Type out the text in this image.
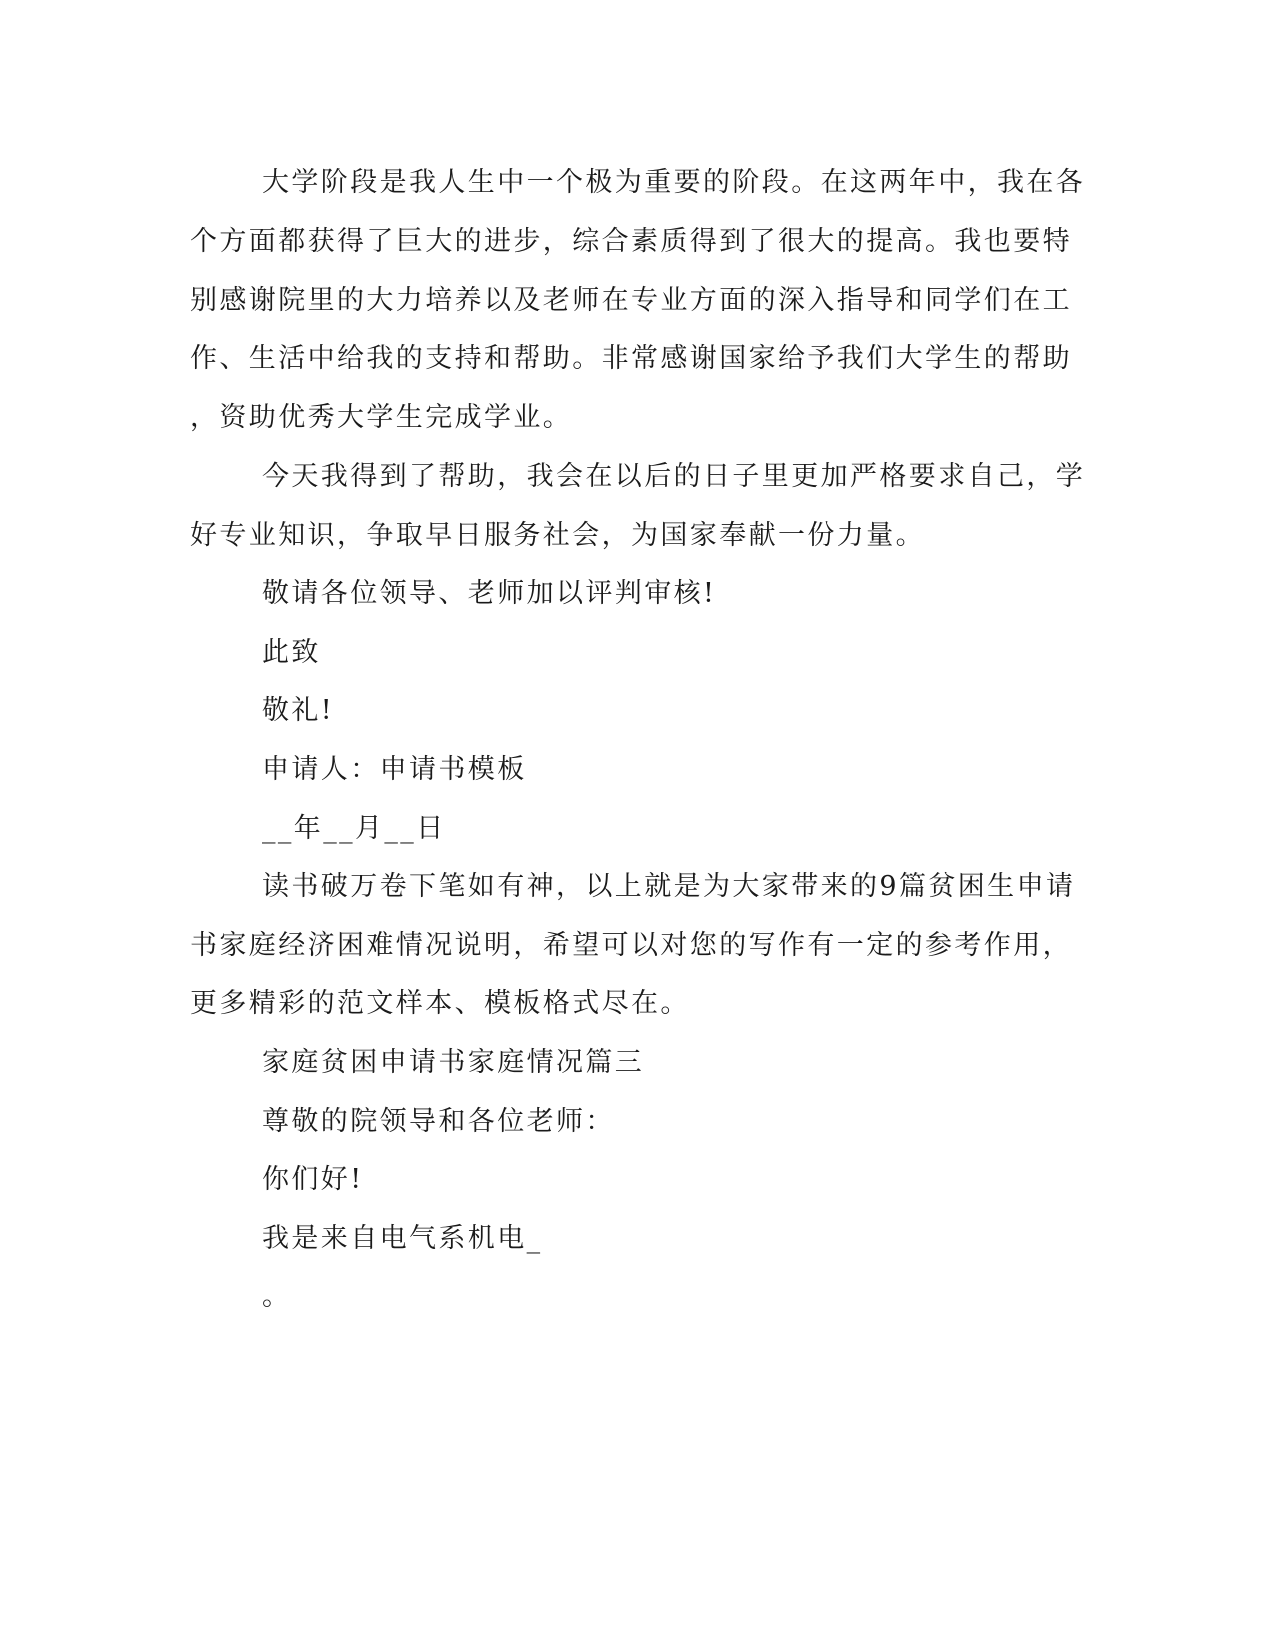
大学阶段是我人生中一个极为重要的阶段。在这两年中，我在各
个方面都获得了巨大的进步，综合素质得到了很大的提高。我也要特
别感谢院里的大力培养以及老师在专业方面的深入指导和同学们在工
作、生活中给我的支持和帮助。非常感谢国家给予我们大学生的帮助
，资助优秀大学生完成学业。
今天我得到了帮助，我会在以后的日子里更加严格要求自己，学
好专业知识，争取早日服务社会，为国家奉献一份力量。
敬请各位领导、老师加以评判审核!
此致
敬礼!
申请人：申请书模板
__年__月__日
读书破万卷下笔如有神，以上就是为大家带来的9篇贫困生申请
书家庭经济困难情况说明，希望可以对您的写作有一定的参考作用，
更多精彩的范文样本、模板格式尽在。
家庭贫困申请书家庭情况篇三
尊敬的院领导和各位老师：
你们好!
我是来自电气系机电_
。
